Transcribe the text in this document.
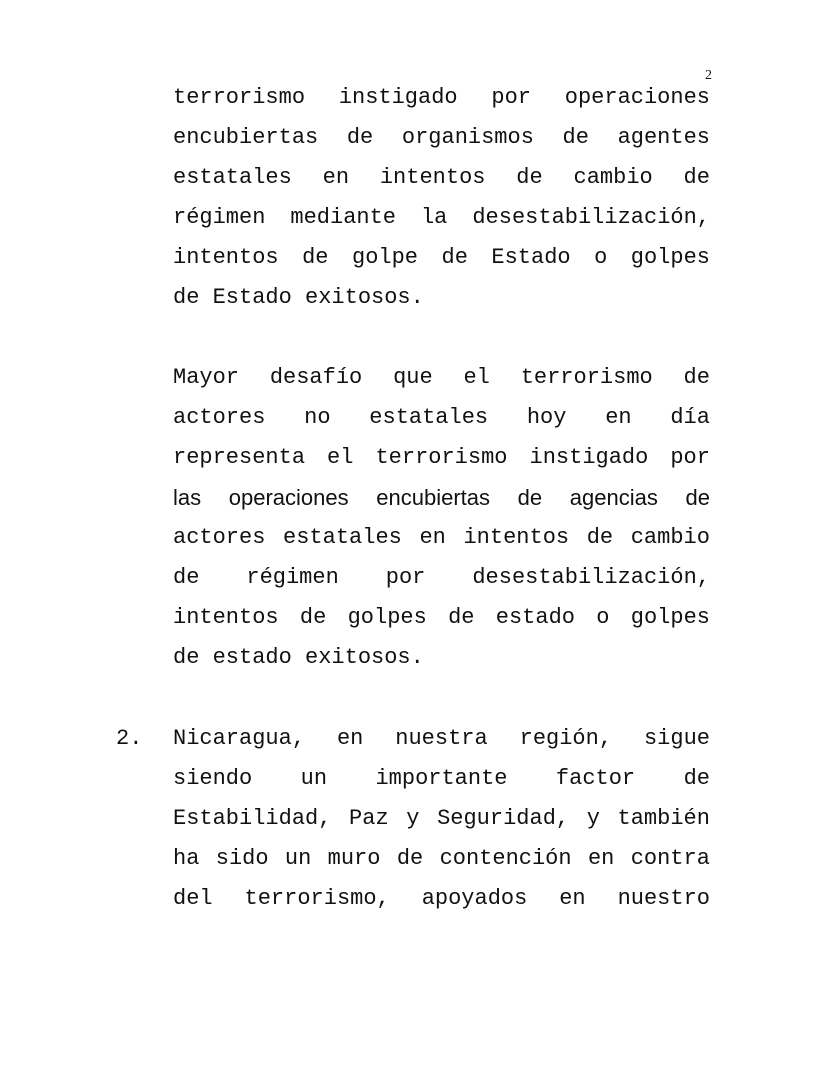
2
terrorismo instigado por operaciones
encubiertas de organismos de agentes
estatales en intentos de cambio de
régimen mediante la desestabilización,
intentos de golpe de Estado o golpes
de Estado exitosos.
Mayor desafío que el terrorismo de
actores no estatales hoy en día
representa el terrorismo instigado por
las operaciones encubiertas de agencias de
actores estatales en intentos de cambio
de régimen por desestabilización,
intentos de golpes de estado o golpes
de estado exitosos.
2. Nicaragua, en nuestra región, sigue
siendo un importante factor de
Estabilidad, Paz y Seguridad, y también
ha sido un muro de contención en contra
del terrorismo, apoyados en nuestro
